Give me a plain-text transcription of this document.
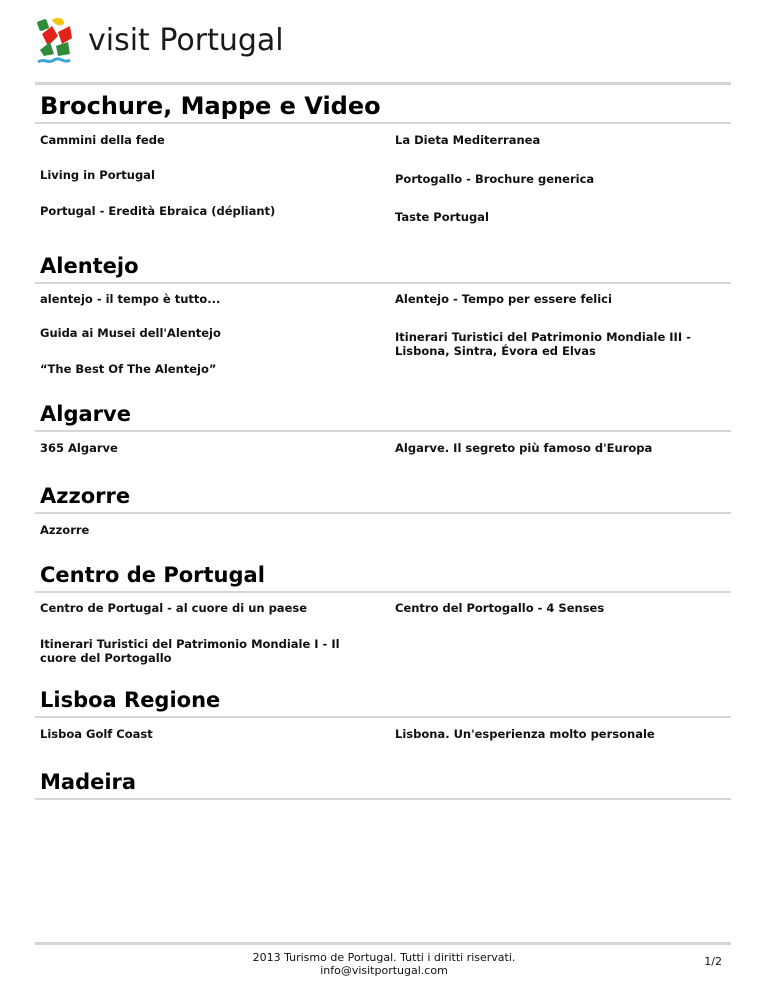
visit Portugal
Brochure, Mappe e Video
Cammini della fede	La Dieta Mediterranea
Living in Portugal	Portogallo - Brochure generica
Portugal - Eredità Ebraica (dépliant)	Taste Portugal
Alentejo
alentejo - il tempo è tutto...	Alentejo - Tempo per essere felici
Guida ai Musei dell'Alentejo	Itinerari Turistici del Patrimonio Mondiale III - Lisbona, Sintra, Évora ed Elvas
“The Best Of The Alentejo”
Algarve
365 Algarve	Algarve. Il segreto più famoso d'Europa
Azzorre
Azzorre
Centro de Portugal
Centro de Portugal - al cuore di un paese	Centro del Portogallo - 4 Senses
Itinerari Turistici del Patrimonio Mondiale I - Il cuore del Portogallo
Lisboa Regione
Lisboa Golf Coast	Lisbona. Un'esperienza molto personale
Madeira
2013 Turismo de Portugal. Tutti i diritti riservati.
info@visitportugal.com
1/2
